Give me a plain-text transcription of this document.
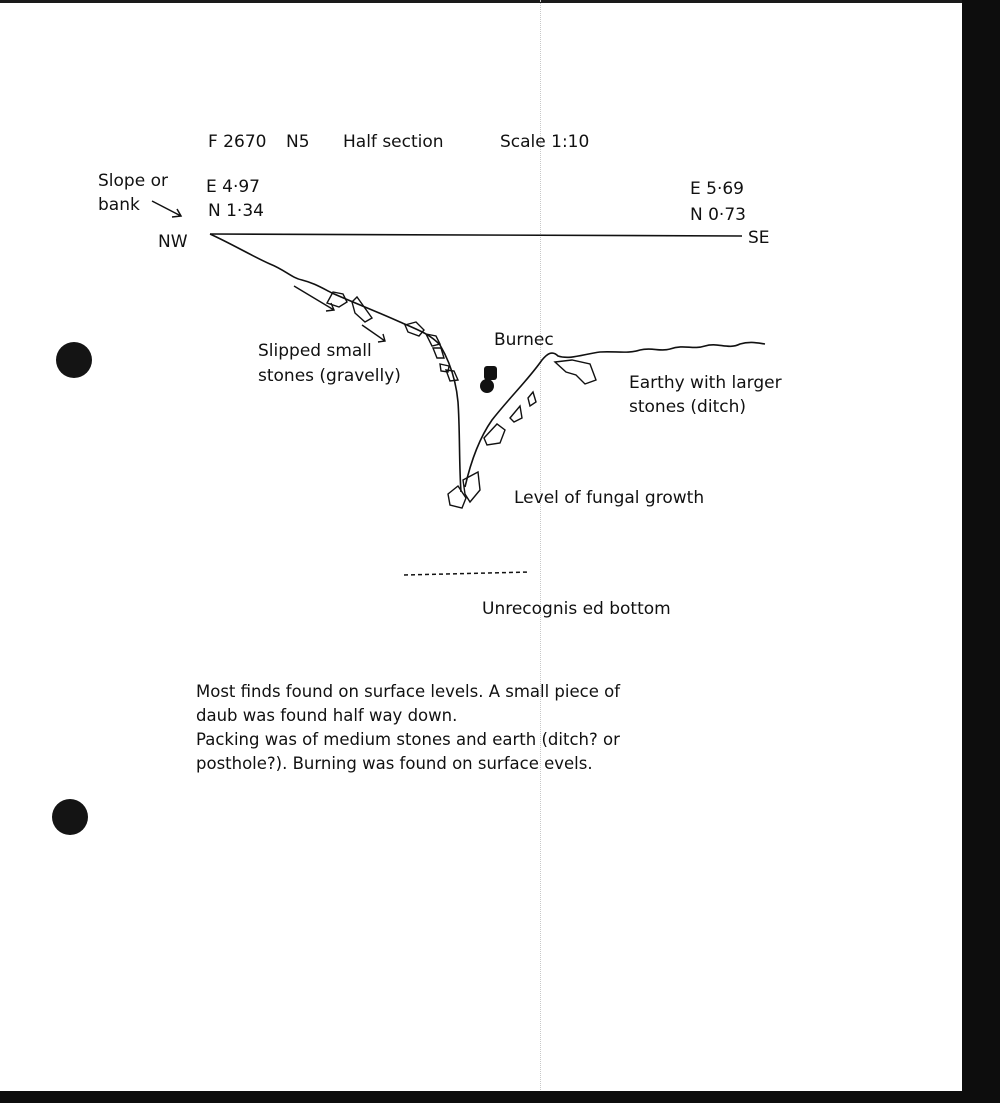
F 2670 N5 Half section	Scale 1:10
Slope or
bank
NW
E 4·97
N 1·34
E 5·69
N 0·73
SE
Slipped small
stones (gravelly)
Burnec
Earthy with larger
stones (ditch)
Level of fungal growth
Unrecognis ed bottom

Most finds found on surface levels. A small piece of

daub was found half way down.

Packing was of medium stones and earth (ditch? or

posthole?). Burning was found on surface evels.
